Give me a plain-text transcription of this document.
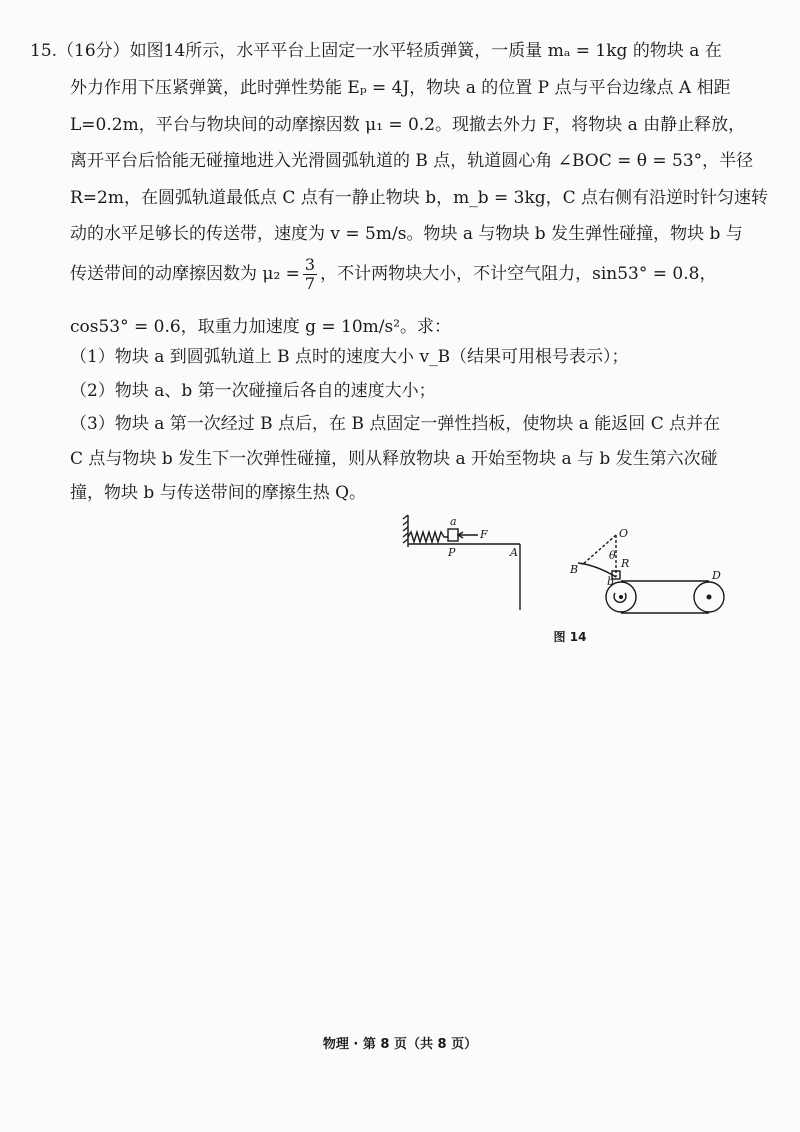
15.（16分）如图14所示，水平平台上固定一水平轻质弹簧，一质量 mₐ = 1kg 的物块 a 在
外力作用下压紧弹簧，此时弹性势能 Eₚ = 4J，物块 a 的位置 P 点与平台边缘点 A 相距
L=0.2m，平台与物块间的动摩擦因数 μ₁ = 0.2。现撤去外力 F，将物块 a 由静止释放，
离开平台后恰能无碰撞地进入光滑圆弧轨道的 B 点，轨道圆心角 ∠BOC = θ = 53°，半径
R=2m，在圆弧轨道最低点 C 点有一静止物块 b，m_b = 3kg，C 点右侧有沿逆时针匀速转
动的水平足够长的传送带，速度为 v = 5m/s。物块 a 与物块 b 发生弹性碰撞，物块 b 与
传送带间的动摩擦因数为 $\mu_2 = \frac{3}{7}$ ，不计两物块大小，不计空气阻力，sin53° = 0.8，
cos53° = 0.6，取重力加速度 g = 10m/s²。求：
（1）物块 a 到圆弧轨道上 B 点时的速度大小 v_B（结果可用根号表示）；
（2）物块 a、b 第一次碰撞后各自的速度大小；
（3）物块 a 第一次经过 B 点后，在 B 点固定一弹性挡板，使物块 a 能返回 C 点并在
C 点与物块 b 发生下一次弹性碰撞，则从释放物块 a 开始至物块 a 与 b 发生第六次碰
撞，物块 b 与传送带间的摩擦生热 Q。
a
F
P	A
O
θ
R
B
b	D
图 14
物理 · 第 8 页（共 8 页）
